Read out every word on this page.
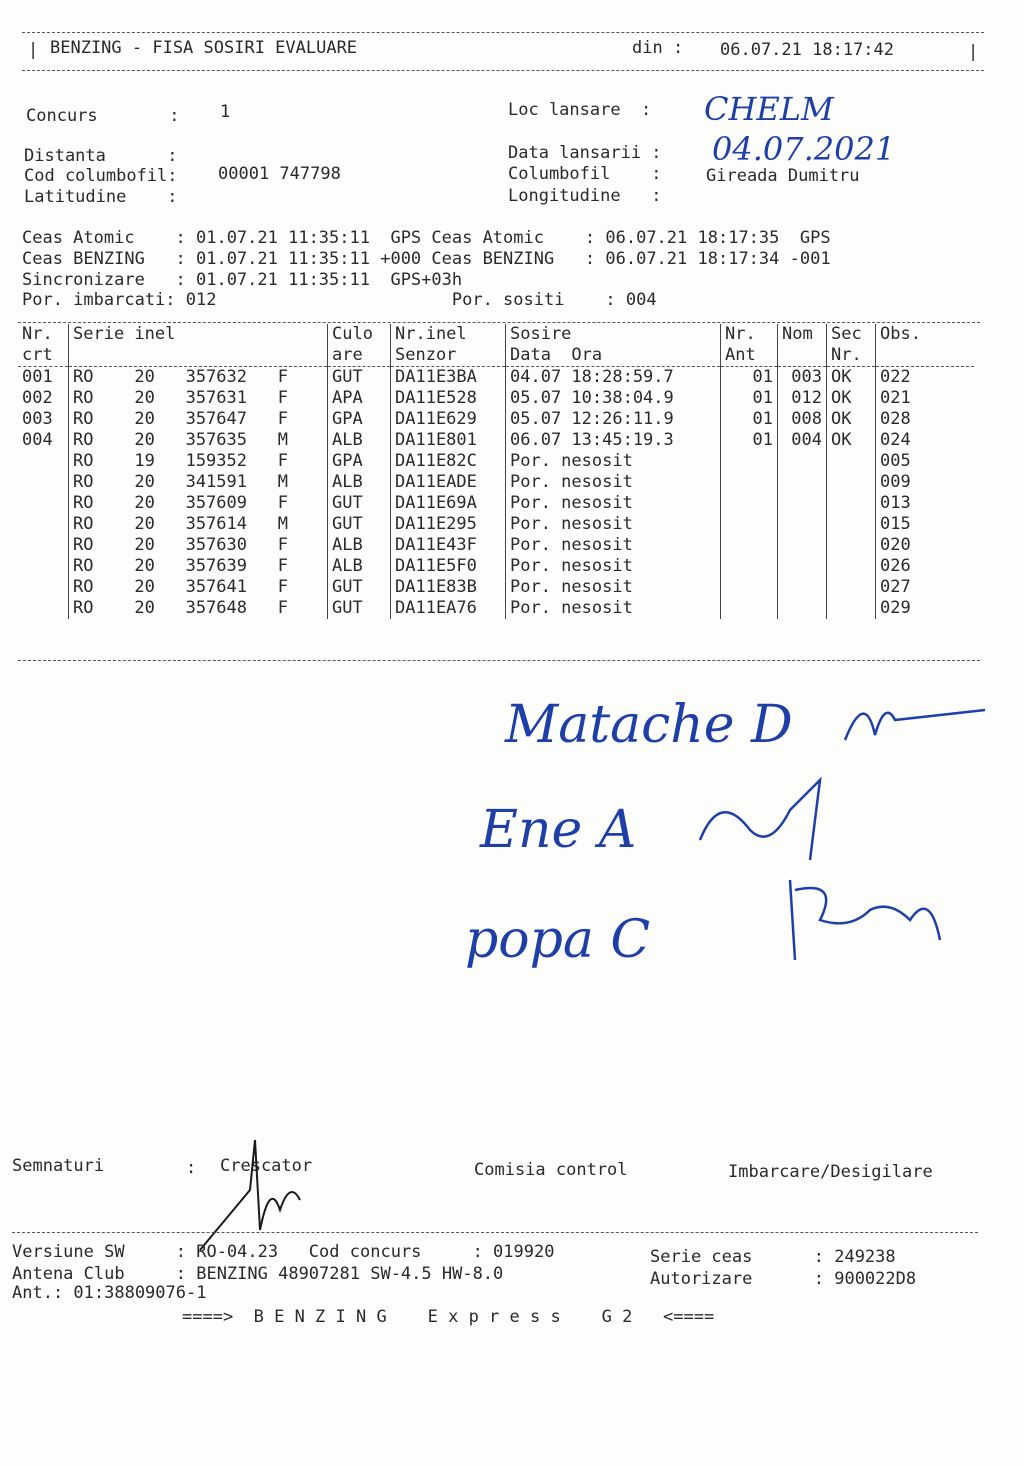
| BENZING - FISA SOSIRI EVALUARE	din : 06.07.21 18:17:42	|
Concurs       : 1
Distanta      :
Cod columbofil: 00001 747798
Latitudine    :
Loc lansare  : CHELM
Data lansarii : 04.07.2021
Columbofil    :	Gireada Dumitru
Longitudine   :
Ceas Atomic    : 01.07.21 11:35:11  GPS Ceas Atomic    : 06.07.21 18:17:35  GPS
Ceas BENZING   : 01.07.21 11:35:11 +000 Ceas BENZING   : 06.07.21 18:17:34 -001
Sincronizare   : 01.07.21 11:35:11  GPS+03h
Por. imbarcati: 012                       Por. sositi    : 004
Nr.	Serie inel	Culo	Nr.inel	Sosire	Nr.	Nom	Sec	Obs.
crt		are	Senzor	Data  Ora	Ant		Nr.	
001	RO    20   357632   F	GUT	DA11E3BA	04.07 18:28:59.7	01	003	OK	022
002	RO    20   357631   F	APA	DA11E528	05.07 10:38:04.9	01	012	OK	021
003	RO    20   357647   F	GPA	DA11E629	05.07 12:26:11.9	01	008	OK	028
004	RO    20   357635   M	ALB	DA11E801	06.07 13:45:19.3	01	004	OK	024
	RO    19   159352   F	GPA	DA11E82C	Por. nesosit				005
	RO    20   341591   M	ALB	DA11EADE	Por. nesosit				009
	RO    20   357609   F	GUT	DA11E69A	Por. nesosit				013
	RO    20   357614   M	GUT	DA11E295	Por. nesosit				015
	RO    20   357630   F	ALB	DA11E43F	Por. nesosit				020
	RO    20   357639   F	ALB	DA11E5F0	Por. nesosit				026
	RO    20   357641   F	GUT	DA11E83B	Por. nesosit				027
	RO    20   357648   F	GUT	DA11EA76	Por. nesosit				029
Matache D
Ene A
popa C
Semnaturi	: Crescator	Comisia control	Imbarcare/Desigilare
Versiune SW     : RO-04.23   Cod concurs     : 019920	Serie ceas      : 249238
Antena Club     : BENZING 48907281 SW-4.5 HW-8.0	Autorizare      : 900022D8
Ant.: 01:38809076-1
====>  B E N Z I N G    E x p r e s s    G 2   <====
